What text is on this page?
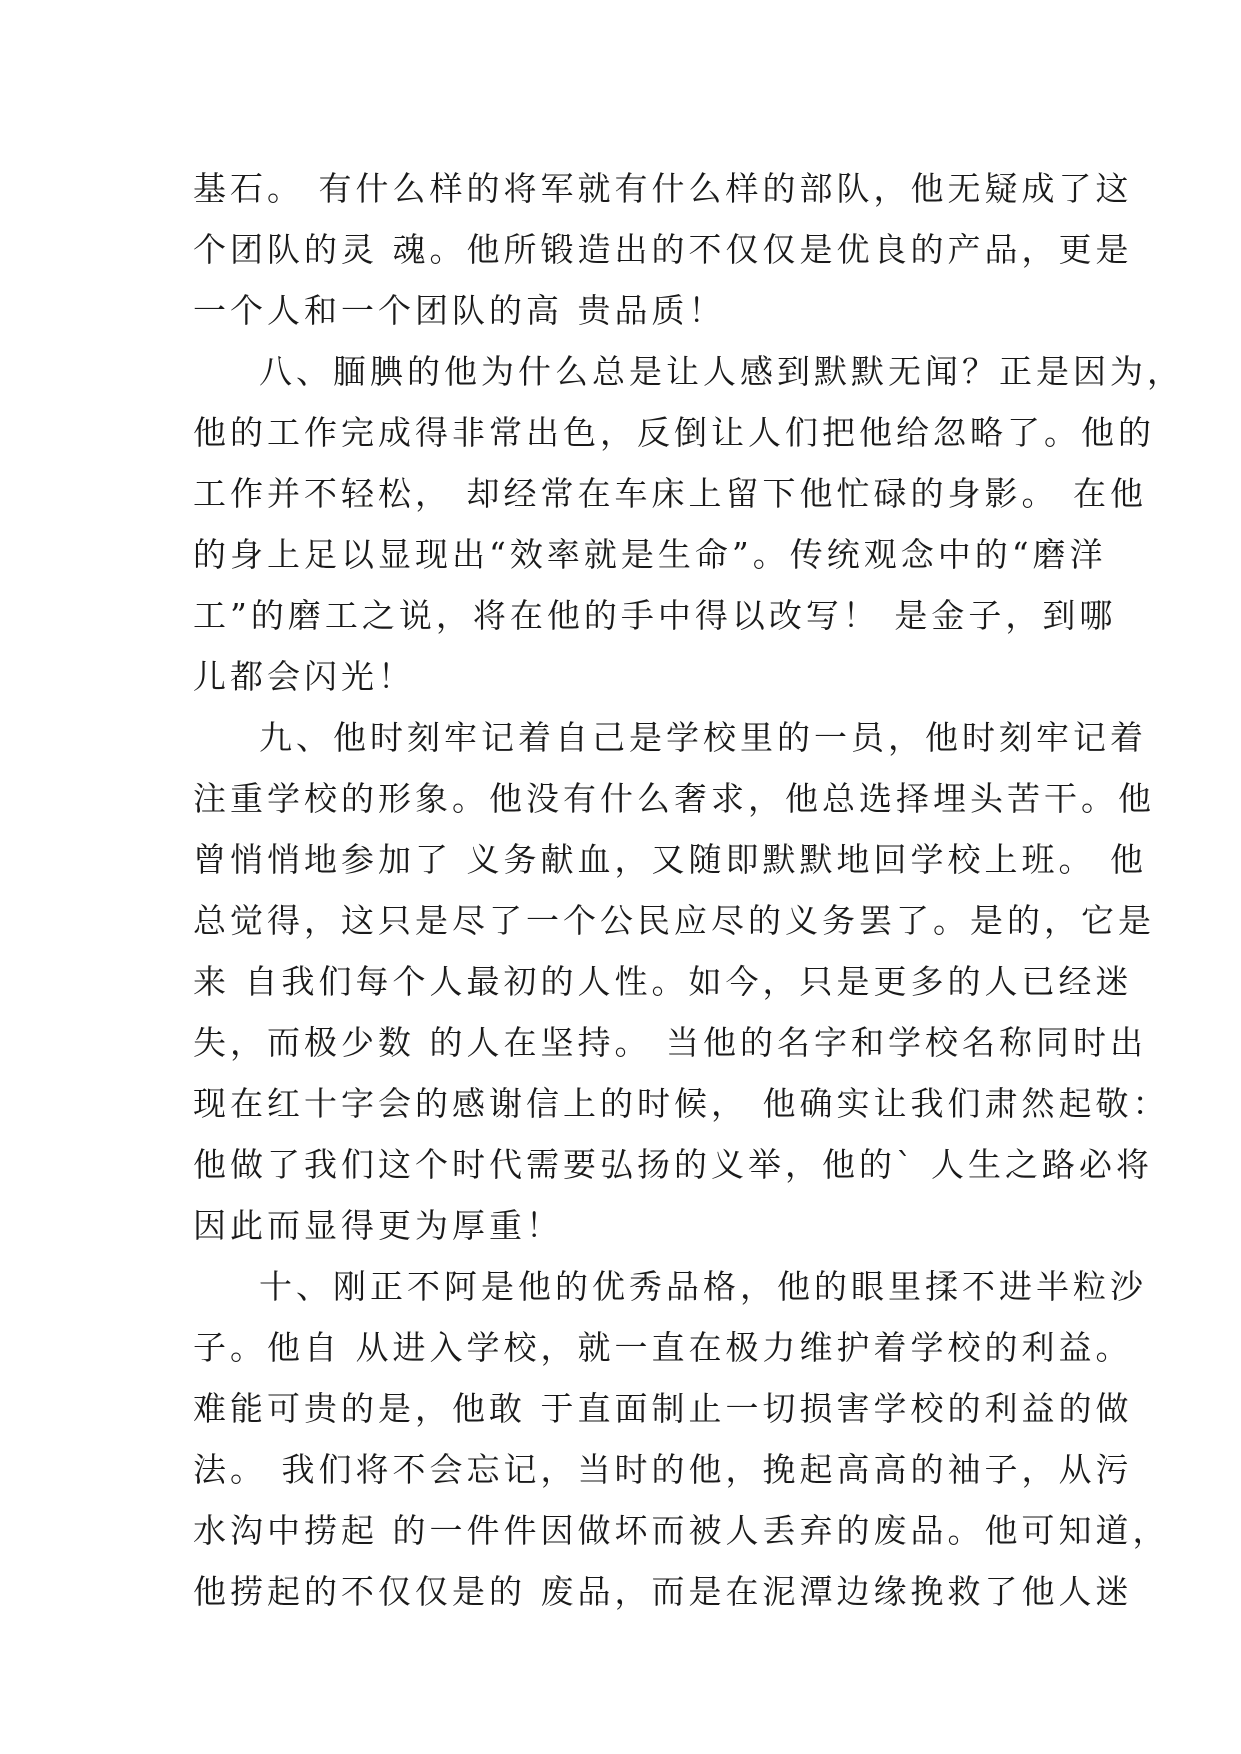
基石。 有什么样的将军就有什么样的部队，他无疑成了这
个团队的灵 魂。他所锻造出的不仅仅是优良的产品，更是
一个人和一个团队的高 贵品质！
八、腼腆的他为什么总是让人感到默默无闻？正是因为，
他的工作完成得非常出色，反倒让人们把他给忽略了。他的
工作并不轻松， 却经常在车床上留下他忙碌的身影。 在他
的身上足以显现出“效率就是生命”。传统观念中的“磨洋
工”的磨工之说，将在他的手中得以改写！ 是金子，到哪
儿都会闪光！
九、他时刻牢记着自己是学校里的一员，他时刻牢记着
注重学校的形象。他没有什么奢求，他总选择埋头苦干。他
曾悄悄地参加了 义务献血，又随即默默地回学校上班。 他
总觉得，这只是尽了一个公民应尽的义务罢了。是的，它是
来 自我们每个人最初的人性。如今，只是更多的人已经迷
失，而极少数 的人在坚持。 当他的名字和学校名称同时出
现在红十字会的感谢信上的时候， 他确实让我们肃然起敬：
他做了我们这个时代需要弘扬的义举，他的` 人生之路必将
因此而显得更为厚重！
十、刚正不阿是他的优秀品格，他的眼里揉不进半粒沙
子。他自 从进入学校，就一直在极力维护着学校的利益。
难能可贵的是，他敢 于直面制止一切损害学校的利益的做
法。 我们将不会忘记，当时的他，挽起高高的袖子，从污
水沟中捞起 的一件件因做坏而被人丢弃的废品。他可知道，
他捞起的不仅仅是的 废品，而是在泥潭边缘挽救了他人迷
